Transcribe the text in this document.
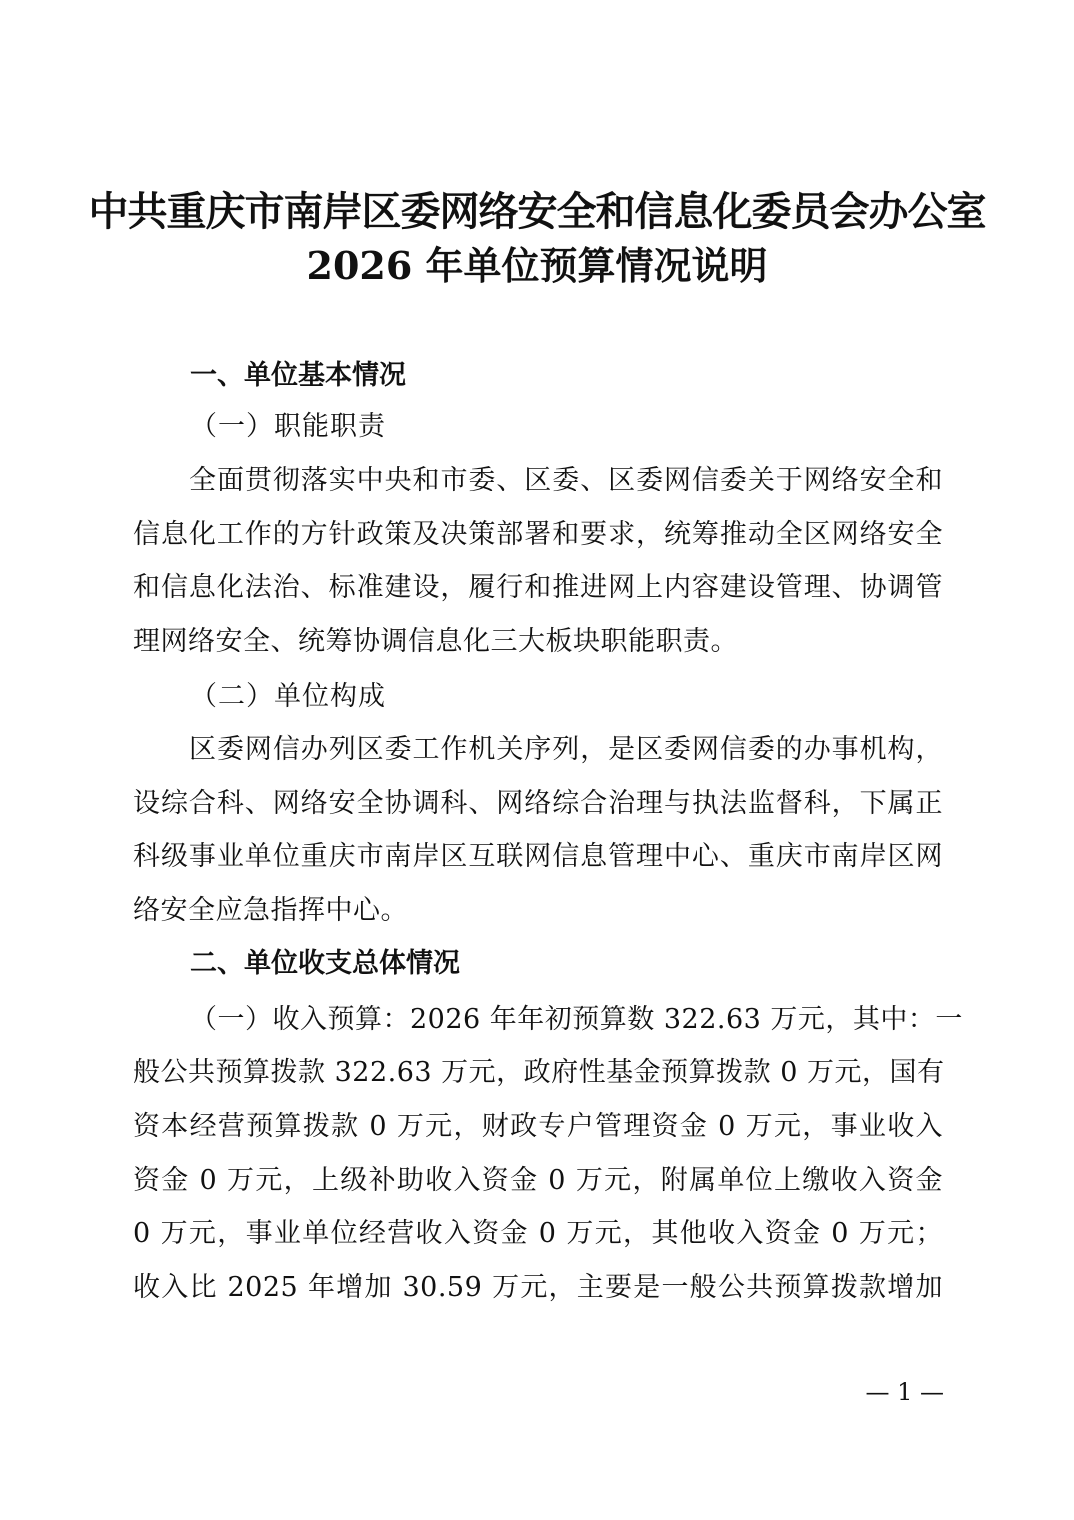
中共重庆市南岸区委网络安全和信息化委员会办公室
2026 年单位预算情况说明
一、单位基本情况
（一）职能职责
全面贯彻落实中央和市委、区委、区委网信委关于网络安全和信息化工作的方针政策及决策部署和要求，统筹推动全区网络安全和信息化法治、标准建设，履行和推进网上内容建设管理、协调管理网络安全、统筹协调信息化三大板块职能职责。
（二）单位构成
区委网信办列区委工作机关序列，是区委网信委的办事机构，设综合科、网络安全协调科、网络综合治理与执法监督科，下属正科级事业单位重庆市南岸区互联网信息管理中心、重庆市南岸区网络安全应急指挥中心。
二、单位收支总体情况
（一）收入预算：2026 年年初预算数 322.63 万元，其中：一
般公共预算拨款 322.63 万元，政府性基金预算拨款 0 万元，国有
资本经营预算拨款 0 万元，财政专户管理资金 0 万元，事业收入
资金 0 万元，上级补助收入资金 0 万元，附属单位上缴收入资金
0 万元，事业单位经营收入资金 0 万元，其他收入资金 0 万元；
收入比 2025 年增加 30.59 万元，主要是一般公共预算拨款增加
— 1 —
